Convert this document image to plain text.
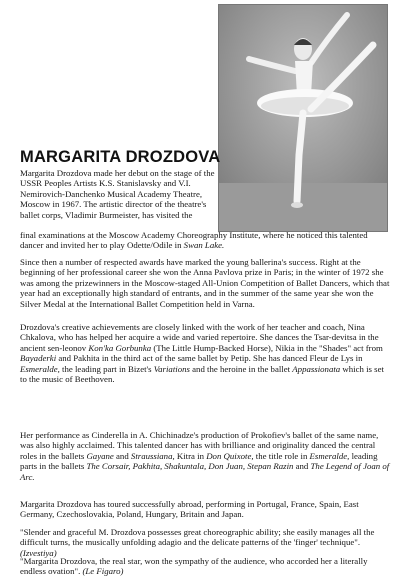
MARGARITA DROZDOVA
Margarita Drozdova made her debut on the stage of the USSR Peoples Artists K.S. Stanislavsky and V.I. Nemirovich-Danchenko Musical Academy Theatre, Moscow in 1967. The artistic director of the theatre's ballet corps, Vladimir Burmeister, has visited the
final examinations at the Moscow Academy Choreography Institute, where he noticed this talented dancer and invited her to play Odette/Odile in Swan Lake.

Since then a number of respected awards have marked the young ballerina's success. Right at the beginning of her professional career she won the Anna Pavlova prize in Paris; in the winter of 1972 she was among the prizewinners in the Moscow-staged All-Union Competition of Ballet Dancers, which that year had an exceptionally high standard of entrants, and in the summer of the same year she won the Silver Medal at the International Ballet Competition held in Varna.

Drozdova's creative achievements are closely linked with the work of her teacher and coach, Nina Chkalova, who has helped her acquire a wide and varied repertoire. She dances the Tsar-devitsa in the ancient sen-leonov Kon'ka Gorbunka (The Little Hump-Backed Horse), Nikia in the "Shades" act from Bayaderki and Pakhita in the third act of the same ballet by Petip. She has danced Fleur de Lys in Esmeralde, the leading part in Bizet's Variations and the heroine in the ballet Appassionata which is set to the music of Beethoven.

Her performance as Cinderella in A. Chichinadze's production of Prokofiev's ballet of the same name, was also highly acclaimed. This talented dancer has with brilliance and originality danced the central roles in the ballets Gayane and Straussiana, Kitra in Don Quixote, the title role in Esmeralde, leading parts in the ballets The Corsair, Pakhita, Shakuntala, Don Juan, Stepan Razin and The Legend of Joan of Arc.

Margarita Drozdova has toured successfully abroad, performing in Portugal, France, Spain, East Germany, Czechoslovakia, Poland, Hungary, Britain and Japan.

"Slender and graceful M. Drozdova possesses great choreographic ability; she easily manages all the difficult turns, the musically unfolding adagio and the delicate patterns of the 'finger' technique". (Izvestiya)

"Margarita Drozdova, the real star, won the sympathy of the audience, who accorded her a literally endless ovation". (Le Figaro)
